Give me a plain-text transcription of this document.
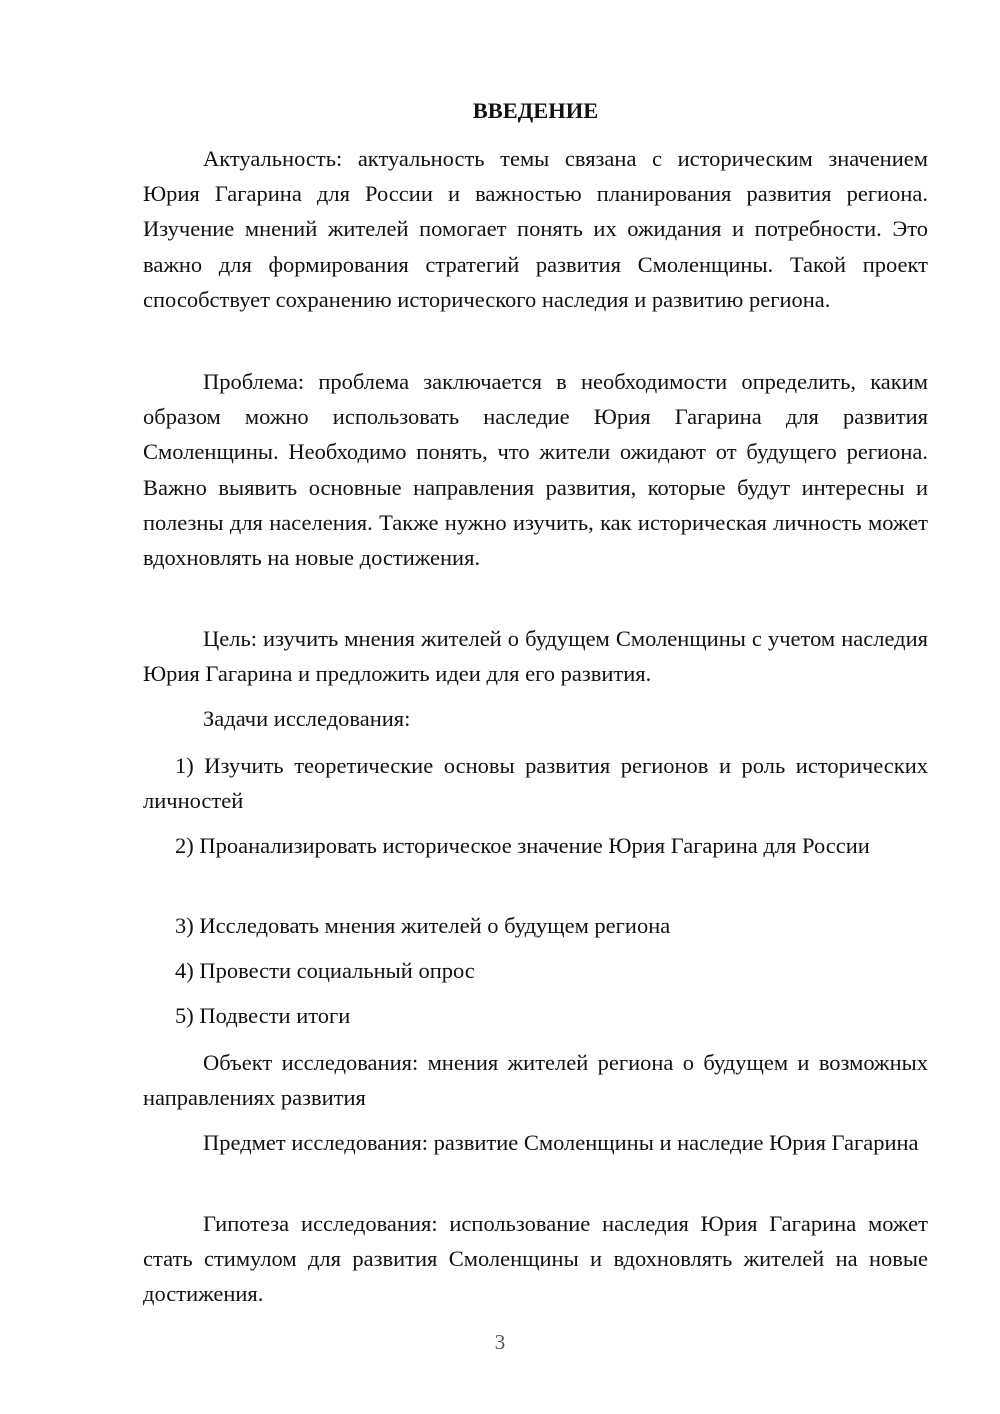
ВВЕДЕНИЕ

Актуальность: актуальность темы связана с историческим значением Юрия Гагарина для России и важностью планирования развития региона. Изучение мнений жителей помогает понять их ожидания и потребности. Это важно для формирования стратегий развития Смоленщины. Такой проект способствует сохранению исторического наследия и развитию региона.

Проблема: проблема заключается в необходимости определить, каким образом можно использовать наследие Юрия Гагарина для развития Смоленщины. Необходимо понять, что жители ожидают от будущего региона. Важно выявить основные направления развития, которые будут интересны и полезны для населения. Также нужно изучить, как историческая личность может вдохновлять на новые достижения.

Цель: изучить мнения жителей о будущем Смоленщины с учетом наследия Юрия Гагарина и предложить идеи для его развития.

Задачи исследования:

1) Изучить теоретические основы развития регионов и роль исторических личностей

2) Проанализировать историческое значение Юрия Гагарина для России

3) Исследовать мнения жителей о будущем региона

4) Провести социальный опрос

5) Подвести итоги

Объект исследования: мнения жителей региона о будущем и возможных направлениях развития

Предмет исследования: развитие Смоленщины и наследие Юрия Гагарина

Гипотеза исследования: использование наследия Юрия Гагарина может стать стимулом для развития Смоленщины и вдохновлять жителей на новые достижения.

3
